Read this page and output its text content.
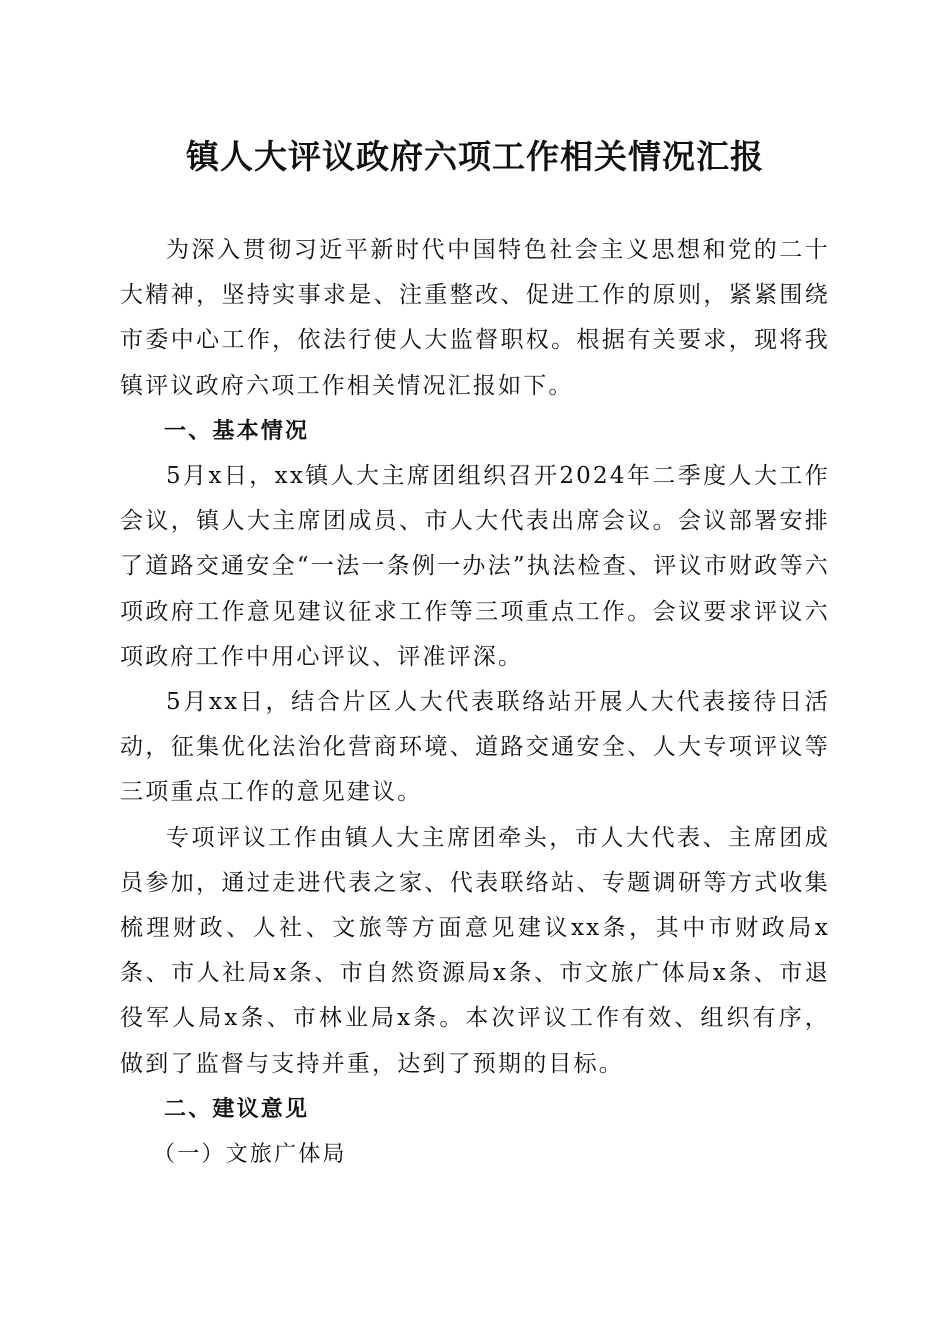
镇人大评议政府六项工作相关情况汇报

为深入贯彻习近平新时代中国特色社会主义思想和党的二十大精神，坚持实事求是、注重整改、促进工作的原则，紧紧围绕市委中心工作，依法行使人大监督职权。根据有关要求，现将我镇评议政府六项工作相关情况汇报如下。

一、基本情况

5月x日，xx镇人大主席团组织召开2024年二季度人大工作会议，镇人大主席团成员、市人大代表出席会议。会议部署安排了道路交通安全“一法一条例一办法”执法检查、评议市财政等六项政府工作意见建议征求工作等三项重点工作。会议要求评议六项政府工作中用心评议、评准评深。

5月xx日，结合片区人大代表联络站开展人大代表接待日活动，征集优化法治化营商环境、道路交通安全、人大专项评议等三项重点工作的意见建议。

专项评议工作由镇人大主席团牵头，市人大代表、主席团成员参加，通过走进代表之家、代表联络站、专题调研等方式收集梳理财政、人社、文旅等方面意见建议xx条，其中市财政局x条、市人社局x条、市自然资源局x条、市文旅广体局x条、市退役军人局x条、市林业局x条。本次评议工作有效、组织有序，做到了监督与支持并重，达到了预期的目标。

二、建议意见

（一）文旅广体局
